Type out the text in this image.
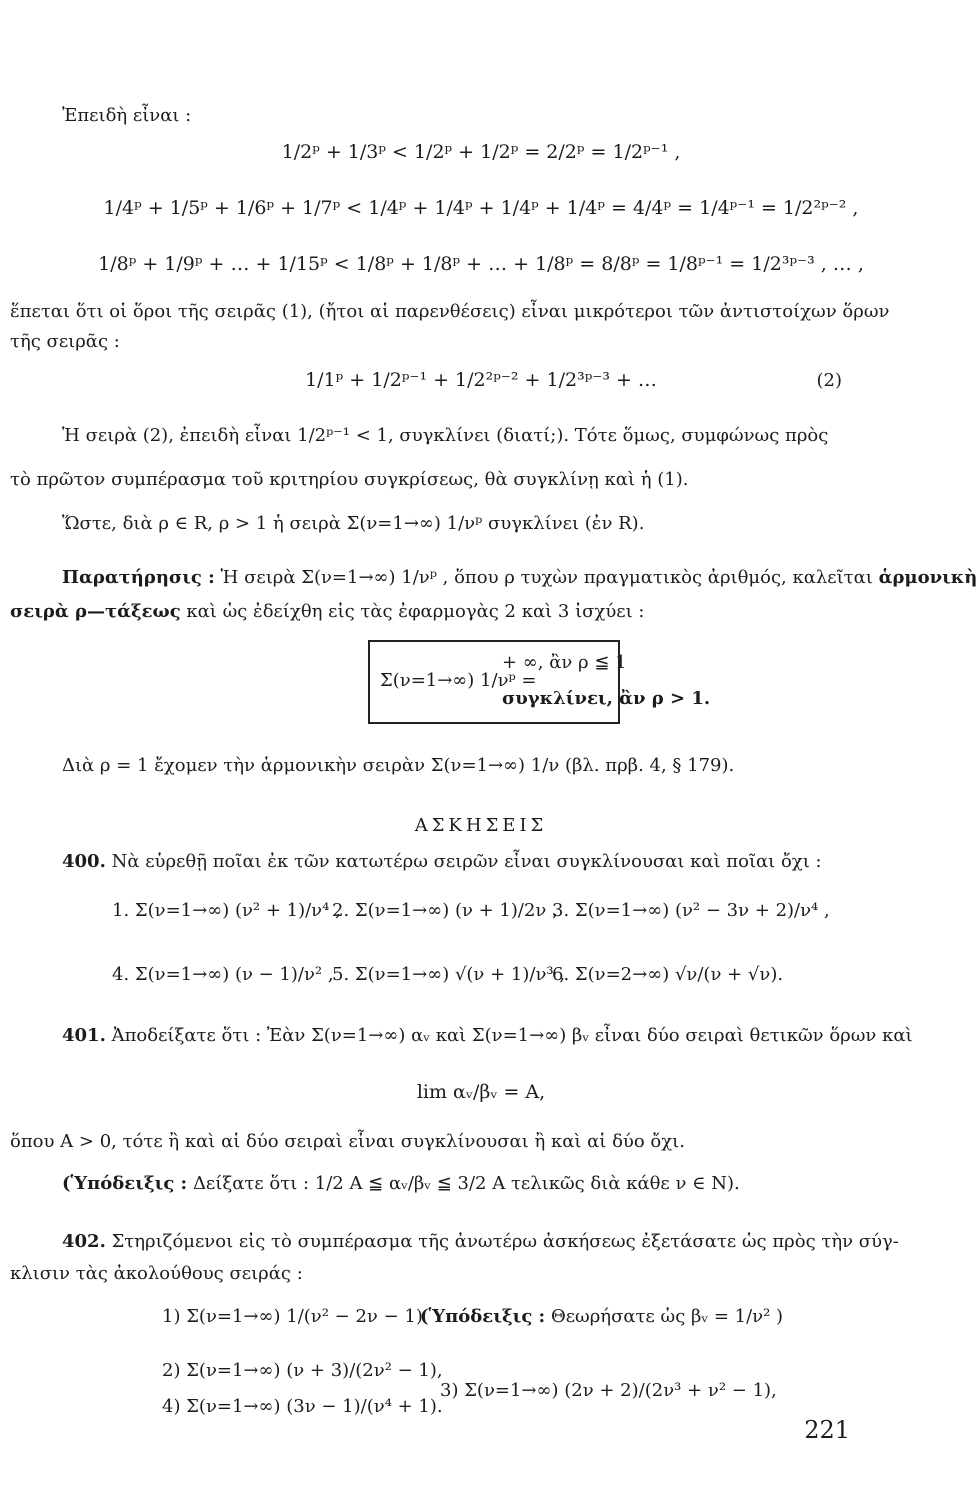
Ἐπειδὴ εἶναι :
1/2ᵖ + 1/3ᵖ < 1/2ᵖ + 1/2ᵖ = 2/2ᵖ = 1/2ᵖ⁻¹ ,
1/4ᵖ + 1/5ᵖ + 1/6ᵖ + 1/7ᵖ < 1/4ᵖ + 1/4ᵖ + 1/4ᵖ + 1/4ᵖ = 4/4ᵖ = 1/4ᵖ⁻¹ = 1/2²ᵖ⁻² ,
1/8ᵖ + 1/9ᵖ + … + 1/15ᵖ < 1/8ᵖ + 1/8ᵖ + … + 1/8ᵖ = 8/8ᵖ = 1/8ᵖ⁻¹ = 1/2³ᵖ⁻³ , … ,
ἕπεται ὅτι οἱ ὅροι τῆς σειρᾶς (1), (ἤτοι αἱ παρενθέσεις) εἶναι μικρότεροι τῶν ἀντιστοίχων ὅρων
τῆς σειρᾶς :
1/1ᵖ + 1/2ᵖ⁻¹ + 1/2²ᵖ⁻² + 1/2³ᵖ⁻³ + …	(2)
Ἡ σειρὰ (2), ἐπειδὴ εἶναι 1/2ᵖ⁻¹ < 1, συγκλίνει (διατί;). Τότε ὅμως, συμφώνως πρὸς
τὸ πρῶτον συμπέρασμα τοῦ κριτηρίου συγκρίσεως, θὰ συγκλίνῃ καὶ ἡ (1).
Ὥστε, διὰ ρ ∈ R, ρ > 1 ἡ σειρὰ Σ(ν=1→∞) 1/νᵖ συγκλίνει (ἐν R).
Παρατήρησις : Ἡ σειρὰ Σ(ν=1→∞) 1/νᵖ , ὅπου ρ τυχὼν πραγματικὸς ἀριθμός, καλεῖται ἁρμονικὴ
σειρὰ ρ—τάξεως καὶ ὡς ἐδείχθη εἰς τὰς ἐφαρμογὰς 2 καὶ 3 ἰσχύει :
Σ(ν=1→∞) 1/νᵖ =
+ ∞, ἂν ρ ≦ 1
συγκλίνει, ἂν ρ > 1.
Διὰ ρ = 1 ἔχομεν τὴν ἁρμονικὴν σειρὰν Σ(ν=1→∞) 1/ν (βλ. πρβ. 4, § 179).
ΑΣΚΗΣΕΙΣ
400. Νὰ εὑρεθῇ ποῖαι ἐκ τῶν κατωτέρω σειρῶν εἶναι συγκλίνουσαι καὶ ποῖαι ὄχι :
1. Σ(ν=1→∞) (ν² + 1)/ν⁴ ,
2. Σ(ν=1→∞) (ν + 1)/2ν ,
3. Σ(ν=1→∞) (ν² − 3ν + 2)/ν⁴ ,
4. Σ(ν=1→∞) (ν − 1)/ν² ,
5. Σ(ν=1→∞) √(ν + 1)/ν³ ,
6. Σ(ν=2→∞) √ν/(ν + √ν).
401. Ἀποδείξατε ὅτι : Ἐὰν Σ(ν=1→∞) αᵥ καὶ Σ(ν=1→∞) βᵥ εἶναι δύο σειραὶ θετικῶν ὅρων καὶ
lim αᵥ/βᵥ = Α,
ὅπου Α > 0, τότε ἢ καὶ αἱ δύο σειραὶ εἶναι συγκλίνουσαι ἢ καὶ αἱ δύο ὄχι.
(Ὑπόδειξις : Δείξατε ὅτι : 1/2 Α ≦ αᵥ/βᵥ ≦ 3/2 Α τελικῶς διὰ κάθε ν ∈ N).
402. Στηριζόμενοι εἰς τὸ συμπέρασμα τῆς ἀνωτέρω ἀσκήσεως ἐξετάσατε ὡς πρὸς τὴν σύγ-
κλισιν τὰς ἀκολούθους σειράς :
1) Σ(ν=1→∞) 1/(ν² − 2ν − 1)
(Ὑπόδειξις : Θεωρήσατε ὡς βᵥ = 1/ν² )
2) Σ(ν=1→∞) (ν + 3)/(2ν² − 1),
3) Σ(ν=1→∞) (2ν + 2)/(2ν³ + ν² − 1),
4) Σ(ν=1→∞) (3ν − 1)/(ν⁴ + 1).
221
